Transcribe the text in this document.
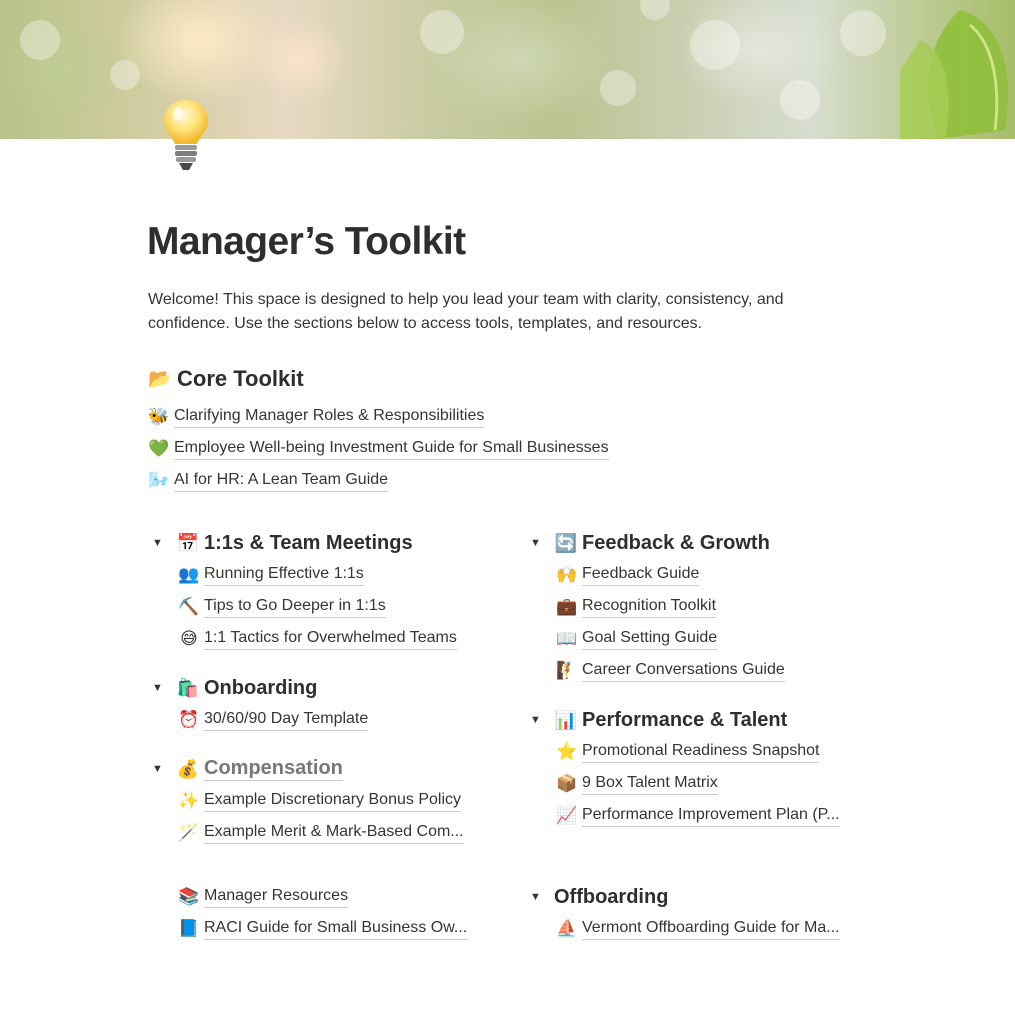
Manager’s Toolkit
Welcome! This space is designed to help you lead your team with clarity, consistency, and confidence. Use the sections below to access tools, templates, and resources.
📂 Core Toolkit
🐝 Clarifying Manager Roles & Responsibilities
💚 Employee Well-being Investment Guide for Small Businesses
🌬️ AI for HR: A Lean Team Guide
▼ 📅 1:1s & Team Meetings
👥 Running Effective 1:1s
⛏️ Tips to Go Deeper in 1:1s
😅 1:1 Tactics for Overwhelmed Teams
▼ 🛍️ Onboarding
⏰ 30/60/90 Day Template
▼ 💰 Compensation
✨ Example Discretionary Bonus Policy
🪄 Example Merit & Mark-Based Com...
📚 Manager Resources
📘 RACI Guide for Small Business Ow...
▼ 🔄 Feedback & Growth
🙌 Feedback Guide
💼 Recognition Toolkit
📖 Goal Setting Guide
🧗 Career Conversations Guide
▼ 📊 Performance & Talent
⭐ Promotional Readiness Snapshot
📦 9 Box Talent Matrix
📈 Performance Improvement Plan (P...
▼ Offboarding
⛵ Vermont Offboarding Guide for Ma...
